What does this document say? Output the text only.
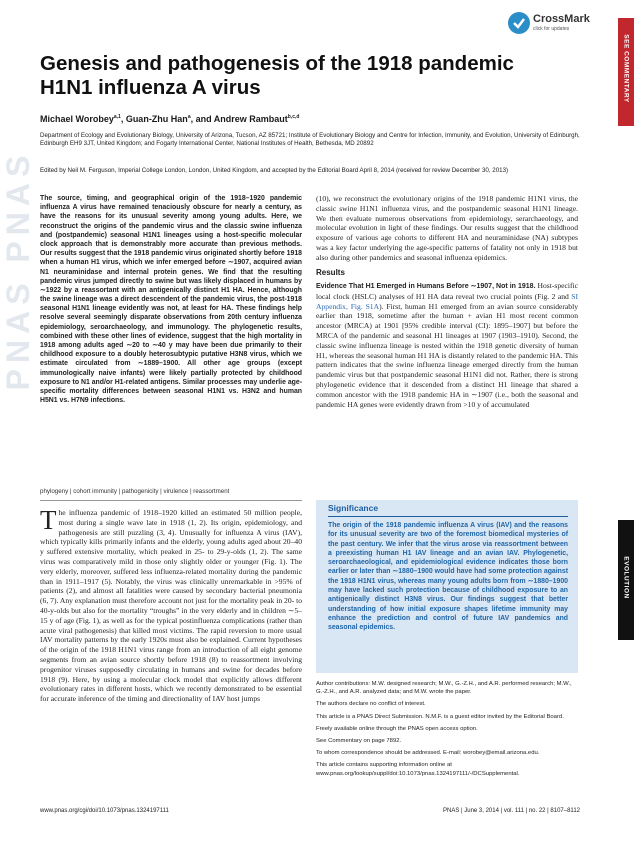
PNAS PNAS
SEE COMMENTARY
EVOLUTION
CrossMark
click for updates
Genesis and pathogenesis of the 1918 pandemic H1N1 influenza A virus
Michael Worobey$^{a,1}$, Guan-Zhu Han$^a$, and Andrew Rambaut$^{b,c,d}$
Department of Ecology and Evolutionary Biology, University of Arizona, Tucson, AZ 85721; Institute of Evolutionary Biology and Centre for Infection, Immunity, and Evolution, University of Edinburgh, Edinburgh EH9 3JT, United Kingdom; and Fogarty International Center, National Institutes of Health, Bethesda, MD 20892
Edited by Neil M. Ferguson, Imperial College London, London, United Kingdom, and accepted by the Editorial Board April 8, 2014 (received for review December 30, 2013)
The source, timing, and geographical origin of the 1918–1920 pandemic influenza A virus have remained tenaciously obscure for nearly a century, as have the reasons for its unusual severity among young adults. Here, we reconstruct the origins of the pandemic virus and the classic swine influenza and (postpandemic) seasonal H1N1 lineages using a host-specific molecular clock approach that is demonstrably more accurate than previous methods. Our results suggest that the 1918 pandemic virus originated shortly before 1918 when a human H1 virus, which we infer emerged before ∼1907, acquired avian N1 neuraminidase and internal protein genes. We find that the resulting pandemic virus jumped directly to swine but was likely displaced in humans by ∼1922 by a reassortant with an antigenically distinct H1 HA. Hence, although the swine lineage was a direct descendent of the pandemic virus, the post-1918 seasonal H1N1 lineage evidently was not, at least for HA. These findings help resolve several seemingly disparate observations from 20th century influenza epidemiology, seroarchaeology, and immunology. The phylogenetic results, combined with these other lines of evidence, suggest that the high mortality in 1918 among adults aged ∼20 to ∼40 y may have been due primarily to their childhood exposure to a doubly heterosubtypic putative H3N8 virus, which we estimate circulated from ∼1889–1900. All other age groups (except immunologically naive infants) were likely partially protected by childhood exposure to N1 and/or H1-related antigens. Similar processes may underlie age-specific mortality differences between seasonal H1N1 vs. H3N2 and human H5N1 vs. H7N9 infections.
phylogeny | cohort immunity | pathogenicity | virulence | reassortment
The influenza pandemic of 1918–1920 killed an estimated 50 million people, most during a single wave late in 1918 (1, 2). Its origin, epidemiology, and pathogenesis are still puzzling (3, 4). Unusually for influenza A virus (IAV), which typically kills primarily infants and the elderly, young adults aged about 20–40 y suffered extensive mortality, which peaked in 25- to 29-y-olds (1, 2). The same virus was comparatively mild in those only slightly older or younger (Fig. 1). The very elderly, moreover, suffered less influenza-related mortality during the pandemic than in 1911–1917 (5). Notably, the virus was clinically unremarkable in >95% of patients (2), and almost all fatalities were caused by secondary bacterial pneumonia (6, 7). Any explanation must therefore account not just for the mortality peak in 20- to 40-y-olds but also for the mortality “troughs” in the very elderly and in children ∼5–15 y of age (Fig. 1), as well as for the typical postinfluenza complications (rather than acute viral pathogenesis) that killed most victims. The rapid reversion to more usual IAV mortality patterns by the early 1920s must also be explained. Current hypotheses of the origin of the 1918 H1N1 virus range from an introduction of all eight genome segments from an avian source shortly before 1918 (8) to reassortment involving progenitor viruses supposedly circulating in humans and swine for decades before 1918 (9). Here, by using a molecular clock model that explicitly allows different evolutionary rates in different hosts, which we recently demonstrated to be essential for accurate inference of the timing and directionality of IAV host jumps
(10), we reconstruct the evolutionary origins of the 1918 pandemic H1N1 virus, the classic swine H1N1 influenza virus, and the postpandemic seasonal H1N1 lineage. We then evaluate numerous observations from epidemiology, serarchaeology, and molecular evolution in light of these findings. Our results suggest that the childhood exposure of various age cohorts to different HA and neuraminidase (NA) subtypes was a key factor underlying the age-specific patterns of fatality not only in 1918 but also during other pandemics and seasonal influenza epidemics.
Results
Evidence That H1 Emerged in Humans Before ∼1907, Not in 1918. Host-specific local clock (HSLC) analyses of H1 HA data reveal two crucial points (Fig. 2 and SI Appendix, Fig. S1A). First, human H1 emerged from an avian source considerably earlier than 1918, sometime after the human + avian H1 most recent common ancestor (MRCA) at 1901 [95% credible interval (CI): 1895–1907] but before the MRCA of the pandemic and seasonal H1 lineages at 1907 (1903–1910). Second, the classic swine influenza lineage is nested within the 1918 genetic diversity of human H1, whereas the seasonal human H1 HA is distantly related to the pandemic HA. This pattern indicates that the swine influenza lineage emerged directly from the human pandemic virus but that postpandemic seasonal H1N1 did not. Rather, there is strong phylogenetic evidence that it descended from a distinct H1 lineage that shared a common ancestor with the 1918 pandemic HA in ∼1907 (i.e., both the seasonal and pandemic HA genes were evidently drawn from >10 y of accumulated
Significance
The origin of the 1918 pandemic influenza A virus (IAV) and the reasons for its unusual severity are two of the foremost biomedical mysteries of the past century. We infer that the virus arose via reassortment between a preexisting human H1 IAV lineage and an avian IAV. Phylogenetic, seroarchaeological, and epidemiological evidence indicates those born earlier or later than ∼1880–1900 would have had some protection against the 1918 H1N1 virus, whereas many young adults born from ∼1880–1900 may have lacked such protection because of childhood exposure to an antigenically distinct H3N8 virus. Our findings suggest that better understanding of how initial exposure shapes lifetime immunity may enhance the prediction and control of future IAV pandemics and seasonal epidemics.

Author contributions: M.W. designed research; M.W., G.-Z.H., and A.R. performed research; M.W., G.-Z.H., and A.R. analyzed data; and M.W. wrote the paper.

The authors declare no conflict of interest.

This article is a PNAS Direct Submission. N.M.F. is a guest editor invited by the Editorial Board.

Freely available online through the PNAS open access option.

See Commentary on page 7892.

To whom correspondence should be addressed. E-mail: worobey@email.arizona.edu.

This article contains supporting information online at www.pnas.org/lookup/suppl/doi:10.1073/pnas.1324197111/-/DCSupplemental.

www.pnas.org/cgi/doi/10.1073/pnas.1324197111	PNAS | June 3, 2014 | vol. 111 | no. 22 | 8107–8112
